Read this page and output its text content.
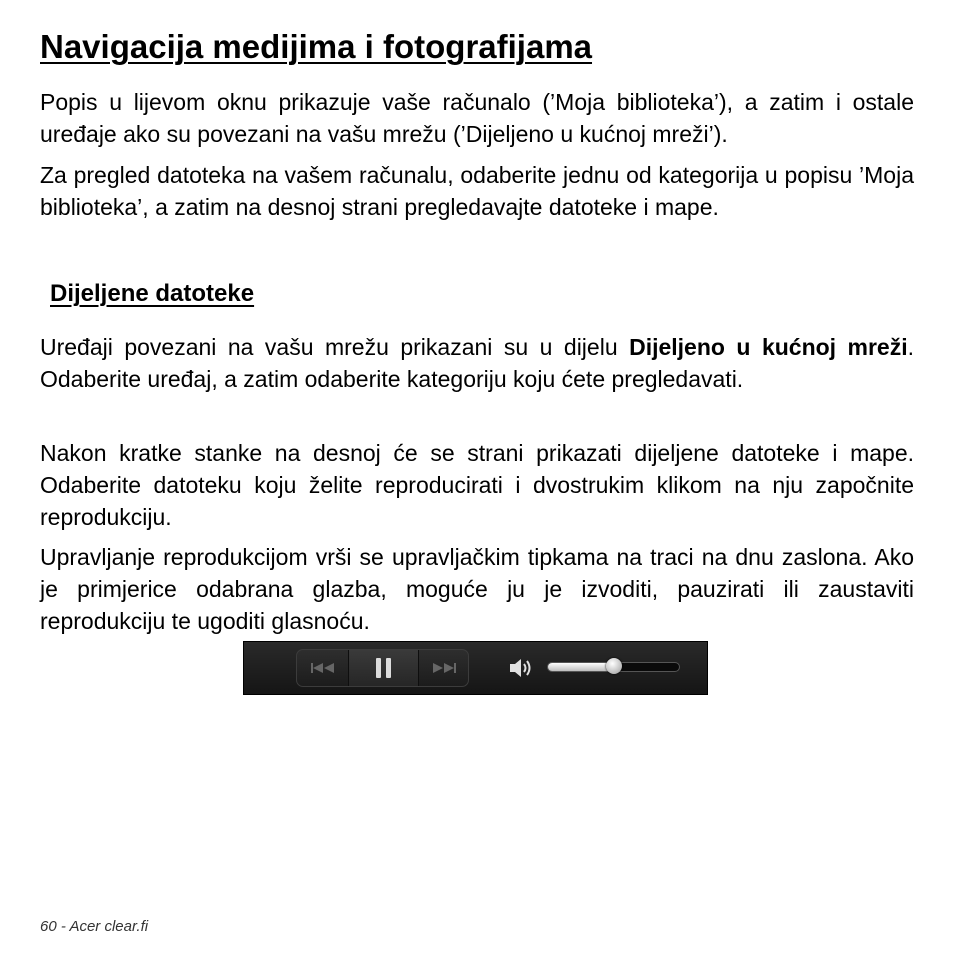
Navigacija medijima i fotografijama

Popis u lijevom oknu prikazuje vaše računalo (’Moja biblioteka’), a zatim i ostale uređaje ako su povezani na vašu mrežu (’Dijeljeno u kućnoj mreži’).

Za pregled datoteka na vašem računalu, odaberite jednu od kategorija u popisu ’Moja biblioteka’, a zatim na desnoj strani pregledavajte datoteke i mape.

Dijeljene datoteke

Uređaji povezani na vašu mrežu prikazani su u dijelu Dijeljeno u kućnoj mreži. Odaberite uređaj, a zatim odaberite kategoriju koju ćete pregledavati.

Nakon kratke stanke na desnoj će se strani prikazati dijeljene datoteke i mape. Odaberite datoteku koju želite reproducirati i dvostrukim klikom na nju započnite reprodukciju.

Upravljanje reprodukcijom vrši se upravljačkim tipkama na traci na dnu zaslona. Ako je primjerice odabrana glazba, moguće ju je izvoditi, pauzirati ili zaustaviti reprodukciju te ugoditi glasnoću.

60 - Acer clear.fi
